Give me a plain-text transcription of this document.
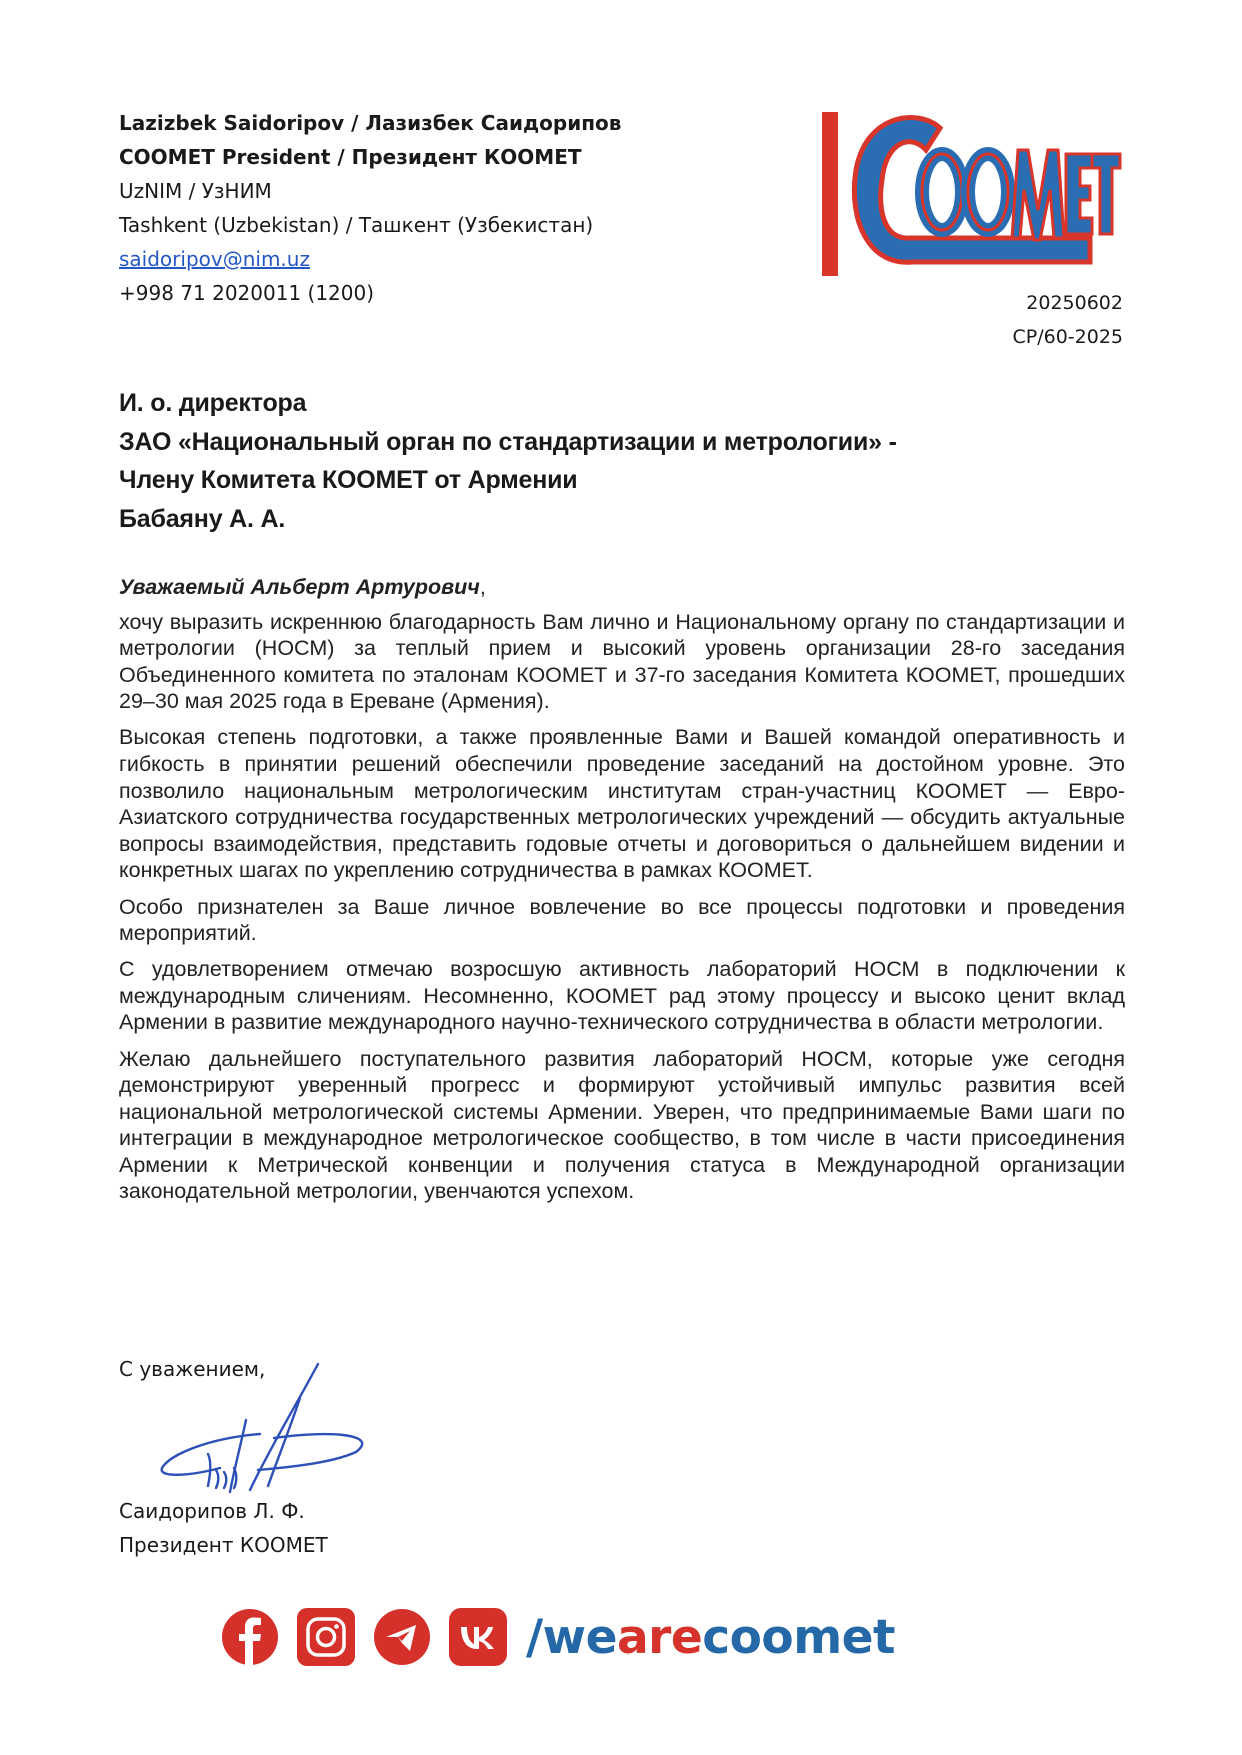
Lazizbek Saidoripov / Лазизбек Саидорипов
COOMET President / Президент КООМЕТ
UzNIM / УзНИМ
Tashkent (Uzbekistan) / Ташкент (Узбекистан)
saidoripov@nim.uz
+998 71 2020011 (1200)	20250602
CP/60-2025
И. о. директора
ЗАО «Национальный орган по стандартизации и метрологии» -
Члену Комитета КООМЕТ от Армении
Бабаяну А. А.
Уважаемый Альберт Артурович,

хочу выразить искреннюю благодарность Вам лично и Национальному органу по стандартизации и метрологии (НОСМ) за теплый прием и высокий уровень организации 28-го заседания Объединенного комитета по эталонам КООМЕТ и 37-го заседания Комитета КООМЕТ, прошедших 29–30 мая 2025 года в Ереване (Армения).

Высокая степень подготовки, а также проявленные Вами и Вашей командой оперативность и гибкость в принятии решений обеспечили проведение заседаний на достойном уровне. Это позволило национальным метрологическим институтам стран-участниц КООМЕТ — Евро-Азиатского сотрудничества государственных метрологических учреждений — обсудить актуальные вопросы взаимодействия, представить годовые отчеты и договориться о дальнейшем видении и конкретных шагах по укреплению сотрудничества в рамках КООМЕТ.

Особо признателен за Ваше личное вовлечение во все процессы подготовки и проведения мероприятий.

С удовлетворением отмечаю возросшую активность лабораторий НОСМ в подключении к международным сличениям. Несомненно, КООМЕТ рад этому процессу и высоко ценит вклад Армении в развитие международного научно-технического сотрудничества в области метрологии.

Желаю дальнейшего поступательного развития лабораторий НОСМ, которые уже сегодня демонстрируют уверенный прогресс и формируют устойчивый импульс развития всей национальной метрологической системы Армении. Уверен, что предпринимаемые Вами шаги по интеграции в международное метрологическое сообщество, в том числе в части присоединения Армении к Метрической конвенции и получения статуса в Международной организации законодательной метрологии, увенчаются успехом.

С уважением,
Саидорипов Л. Ф.
Президент КООМЕТ
/wearecoomet
